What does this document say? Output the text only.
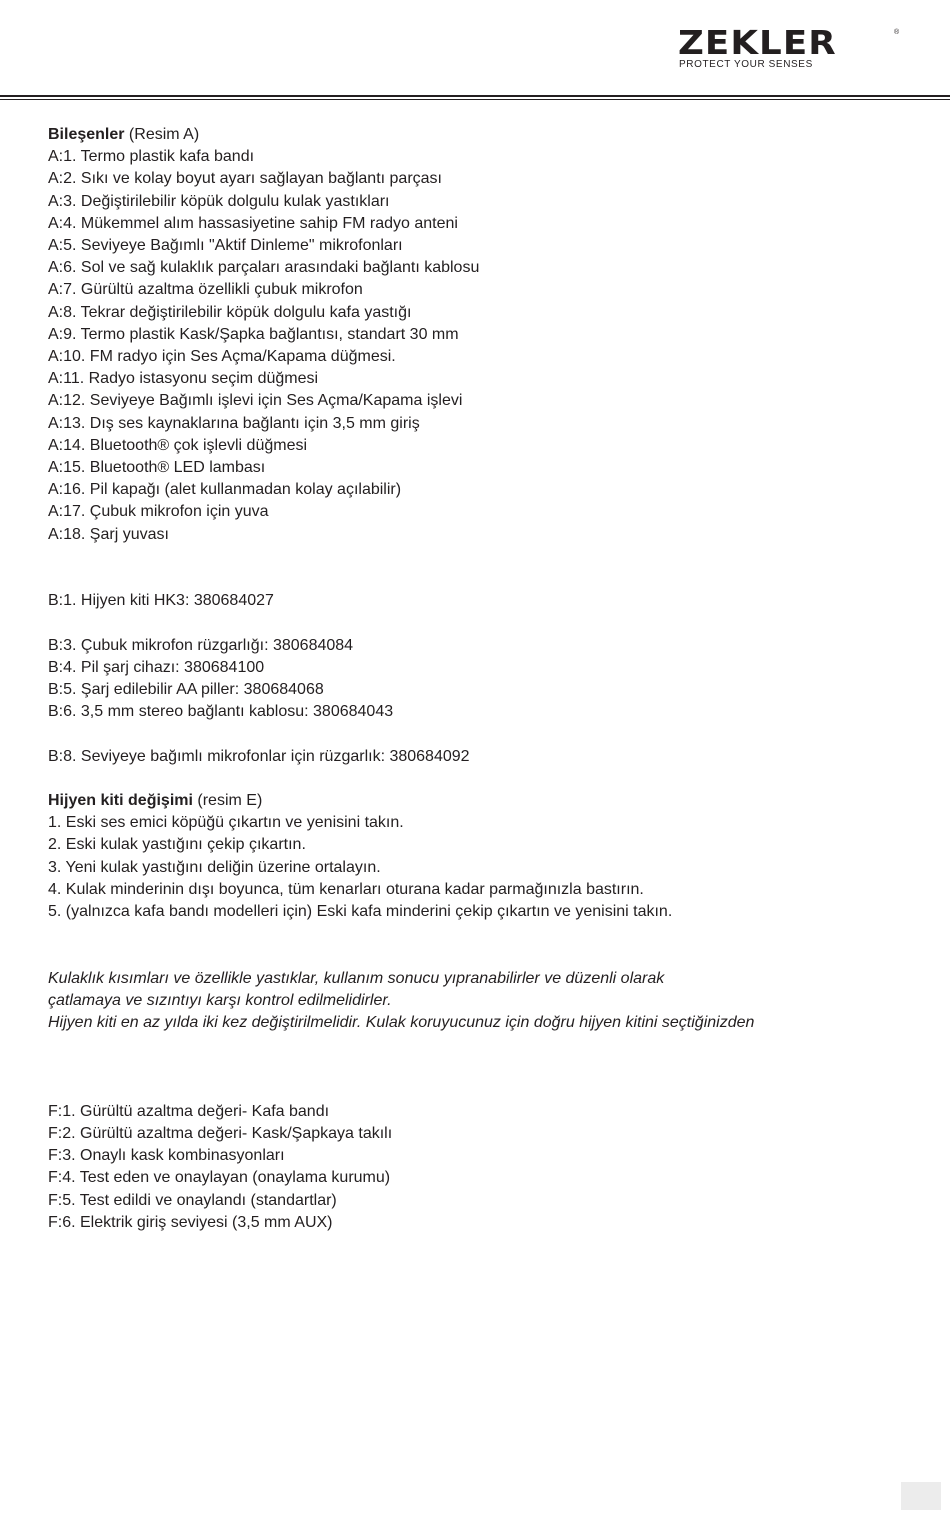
ZEKLER	®
PROTECT YOUR SENSES
Bileşenler (Resim A)
A:1. Termo plastik kafa bandı
A:2. Sıkı ve kolay boyut ayarı sağlayan bağlantı parçası
A:3. Değiştirilebilir köpük dolgulu kulak yastıkları
A:4. Mükemmel alım hassasiyetine sahip FM radyo anteni
A:5. Seviyeye Bağımlı "Aktif Dinleme" mikrofonları
A:6. Sol ve sağ kulaklık parçaları arasındaki bağlantı kablosu
A:7. Gürültü azaltma özellikli çubuk mikrofon
A:8. Tekrar değiştirilebilir köpük dolgulu kafa yastığı
A:9. Termo plastik Kask/Şapka bağlantısı, standart 30 mm
A:10. FM radyo için Ses Açma/Kapama düğmesi.
A:11. Radyo istasyonu seçim düğmesi
A:12. Seviyeye Bağımlı işlevi için Ses Açma/Kapama işlevi
A:13. Dış ses kaynaklarına bağlantı için 3,5 mm giriş
A:14. Bluetooth® çok işlevli düğmesi
A:15. Bluetooth® LED lambası
A:16. Pil kapağı (alet kullanmadan kolay açılabilir)
A:17. Çubuk mikrofon için yuva
A:18. Şarj yuvası
B:1. Hijyen kiti HK3: 380684027
B:3. Çubuk mikrofon rüzgarlığı: 380684084
B:4. Pil şarj cihazı: 380684100
B:5. Şarj edilebilir AA piller: 380684068
B:6. 3,5 mm stereo bağlantı kablosu: 380684043
B:8. Seviyeye bağımlı mikrofonlar için rüzgarlık: 380684092
Hijyen kiti değişimi (resim E)
1. Eski ses emici köpüğü çıkartın ve yenisini takın.
2. Eski kulak yastığını çekip çıkartın.
3. Yeni kulak yastığını deliğin üzerine ortalayın.
4. Kulak minderinin dışı boyunca, tüm kenarları oturana kadar parmağınızla bastırın.
5. (yalnızca kafa bandı modelleri için) Eski kafa minderini çekip çıkartın ve yenisini takın.
Kulaklık kısımları ve özellikle yastıklar, kullanım sonucu yıpranabilirler ve düzenli olarak
çatlamaya ve sızıntıyı karşı kontrol edilmelidirler.
Hijyen kiti en az yılda iki kez değiştirilmelidir. Kulak koruyucunuz için doğru hijyen kitini seçtiğinizden
F:1. Gürültü azaltma değeri- Kafa bandı
F:2. Gürültü azaltma değeri- Kask/Şapkaya takılı
F:3. Onaylı kask kombinasyonları
F:4. Test eden ve onaylayan (onaylama kurumu)
F:5. Test edildi ve onaylandı (standartlar)
F:6. Elektrik giriş seviyesi (3,5 mm AUX)
